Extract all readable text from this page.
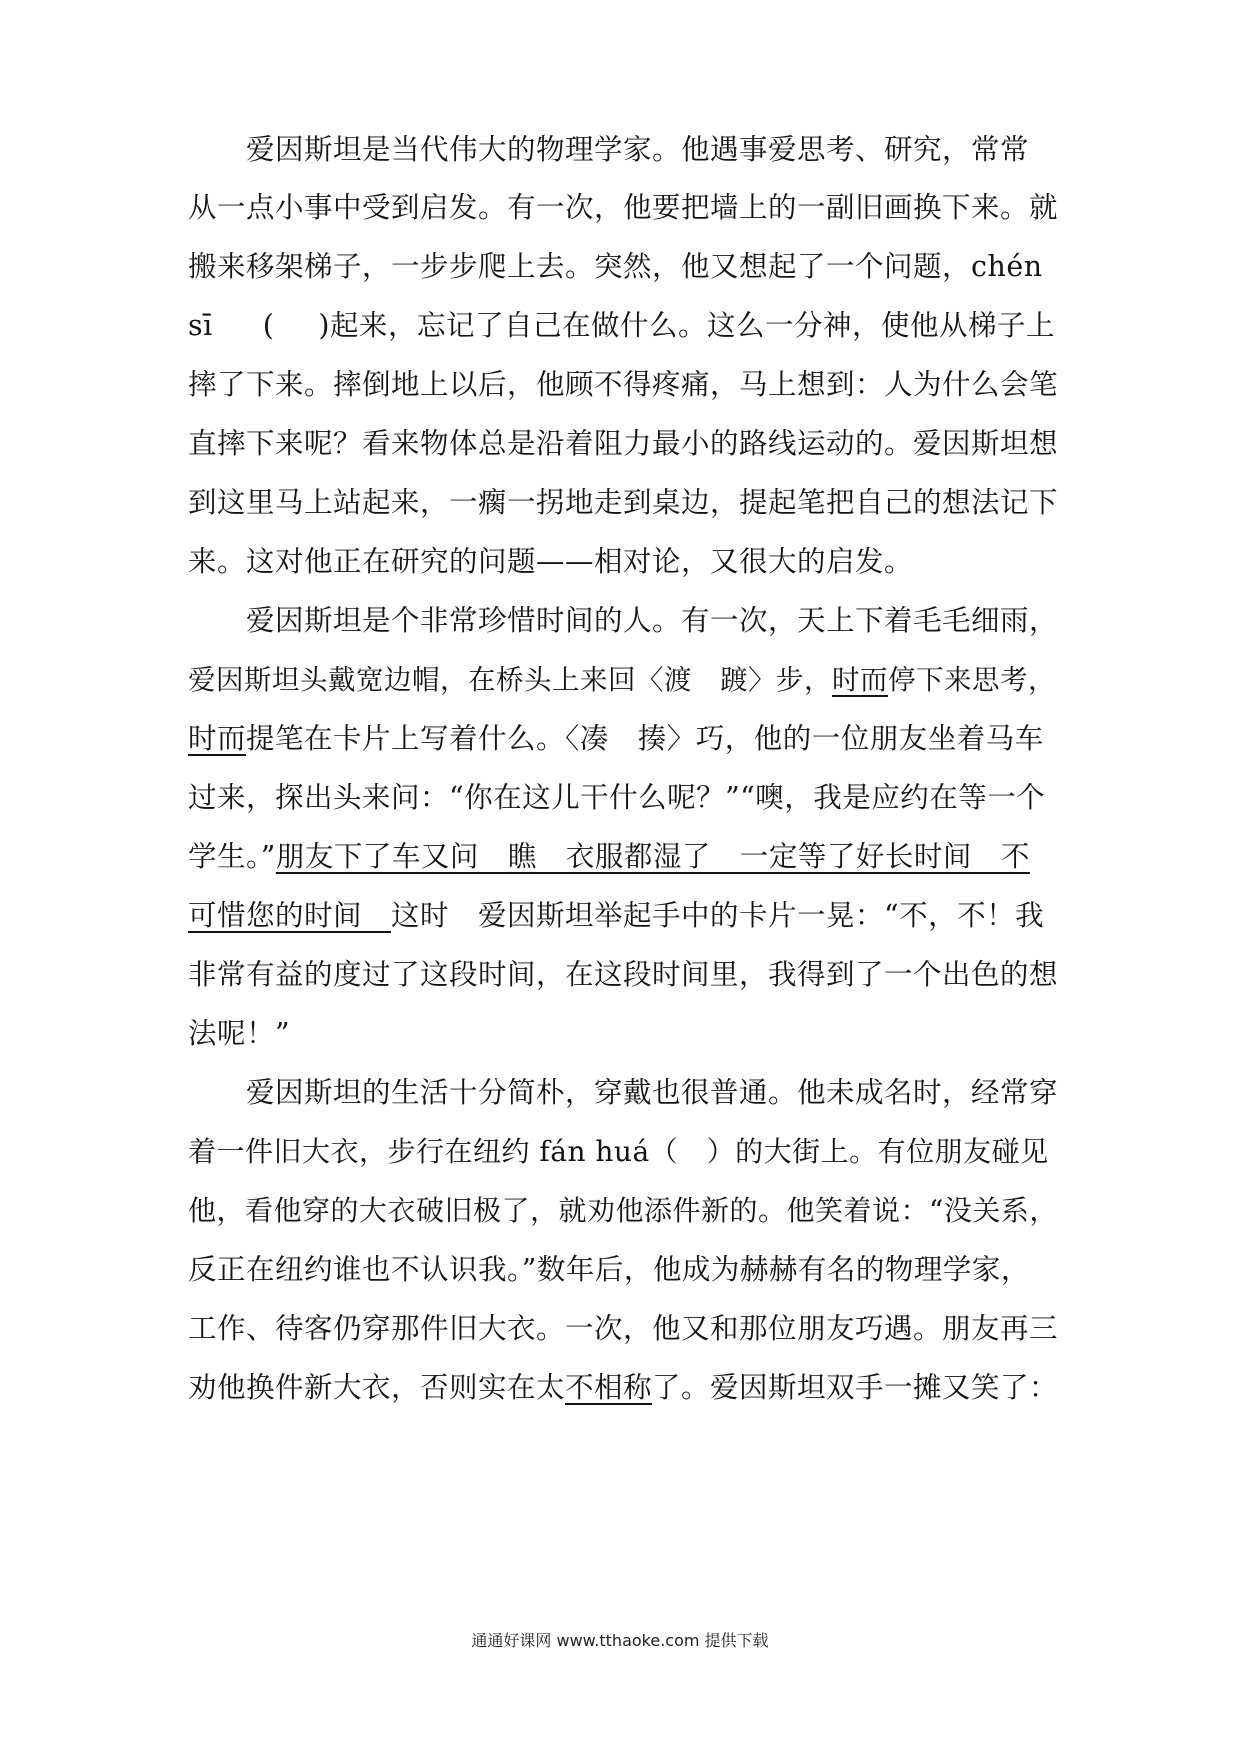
爱因斯坦是当代伟大的物理学家。他遇事爱思考、研究，常常
从一点小事中受到启发。有一次，他要把墙上的一副旧画换下来。就
搬来移架梯子，一步步爬上去。突然，他又想起了一个问题，chén
sī ( )起来，忘记了自己在做什么。这么一分神，使他从梯子上
摔了下来。摔倒地上以后，他顾不得疼痛，马上想到：人为什么会笔
直摔下来呢？看来物体总是沿着阻力最小的路线运动的。爱因斯坦想
到这里马上站起来，一瘸一拐地走到桌边，提起笔把自己的想法记下
来。这对他正在研究的问题——相对论，又很大的启发。
爱因斯坦是个非常珍惜时间的人。有一次，天上下着毛毛细雨，
爱因斯坦头戴宽边帽，在桥头上来回〈渡　踱〉步，时而停下来思考，
时而提笔在卡片上写着什么。〈凑　揍〉巧，他的一位朋友坐着马车
过来，探出头来问：“你在这儿干什么呢？”“噢，我是应约在等一个
学生。”朋友下了车又问　瞧　衣服都湿了　一定等了好长时间　不
可惜您的时间　这时　爱因斯坦举起手中的卡片一晃：“不，不！我
非常有益的度过了这段时间，在这段时间里，我得到了一个出色的想
法呢！”
爱因斯坦的生活十分简朴，穿戴也很普通。他未成名时，经常穿
着一件旧大衣，步行在纽约 fán huá（　）的大街上。有位朋友碰见
他，看他穿的大衣破旧极了，就劝他添件新的。他笑着说：“没关系，
反正在纽约谁也不认识我。”数年后，他成为赫赫有名的物理学家，
工作、待客仍穿那件旧大衣。一次，他又和那位朋友巧遇。朋友再三
劝他换件新大衣，否则实在太不相称了。爱因斯坦双手一摊又笑了：
通通好课网 www.tthaoke.com 提供下载
